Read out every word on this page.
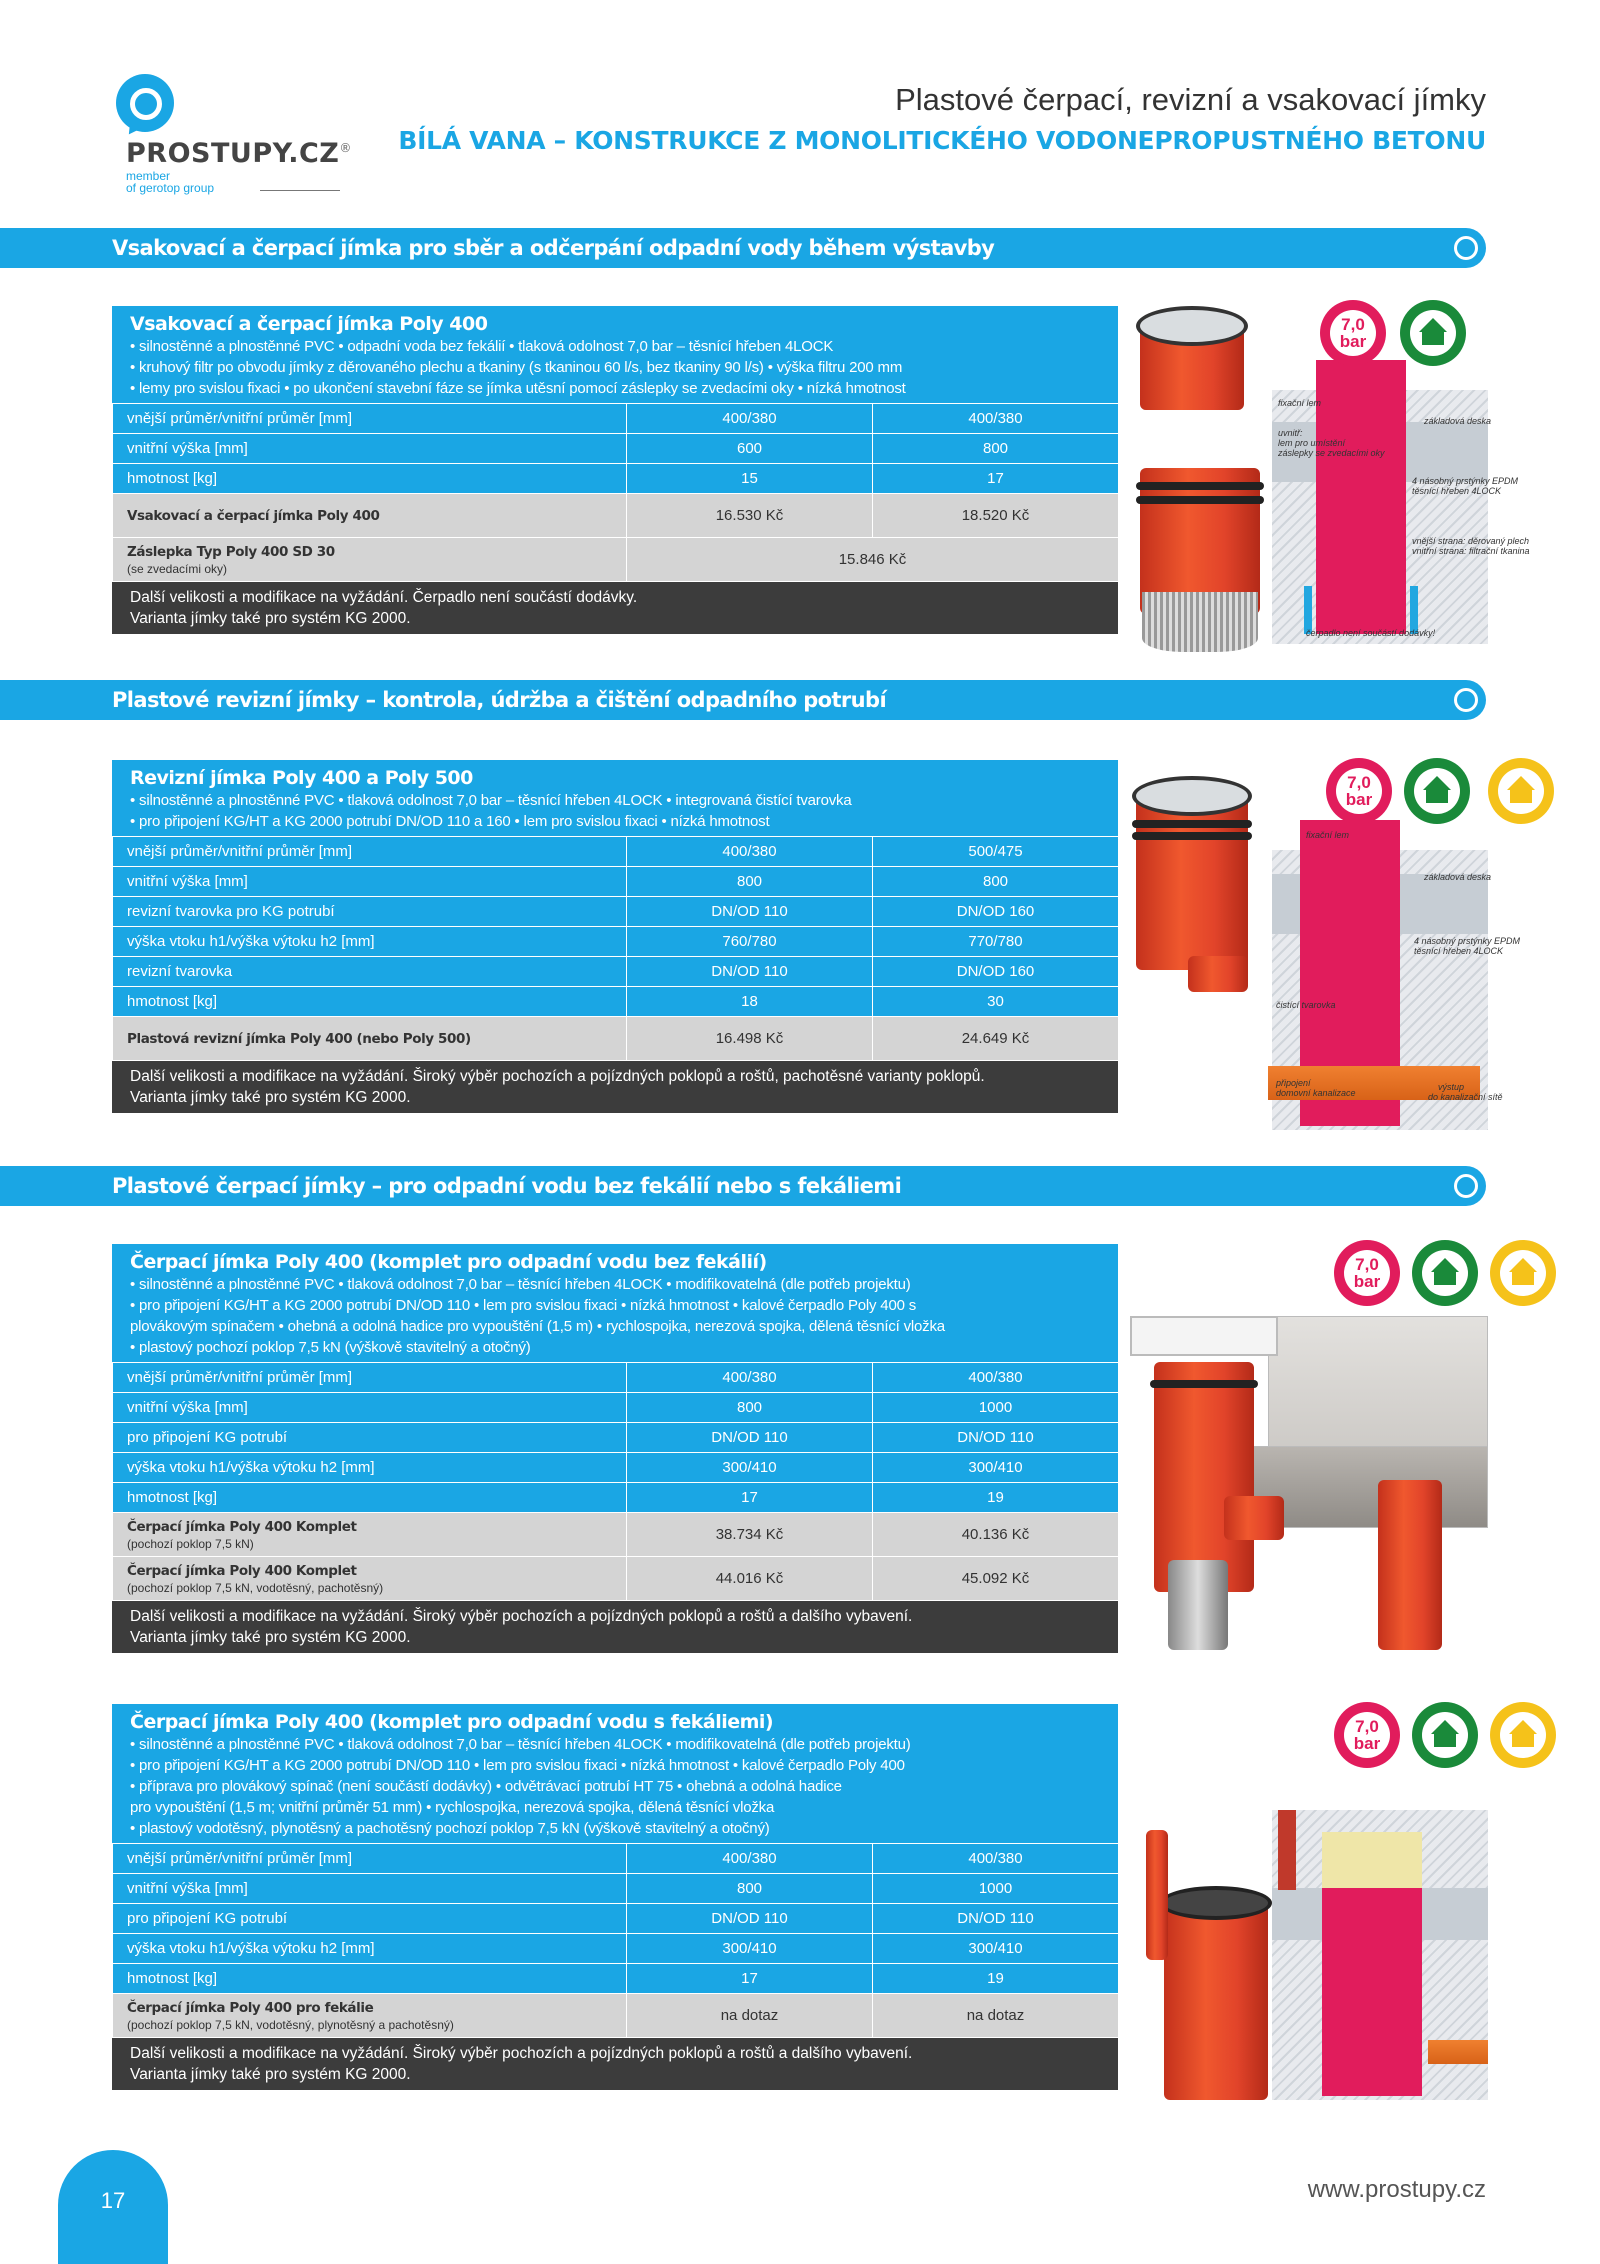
PROSTUPY.CZ®
member
of gerotop group
Plastové čerpací, revizní a vsakovací jímky
BÍLÁ VANA – KONSTRUKCE Z MONOLITICKÉHO VODONEPROPUSTNÉHO BETONU
Vsakovací a čerpací jímka pro sběr a odčerpání odpadní vody během výstavby
Vsakovací a čerpací jímka Poly 400
• silnostěnné a plnostěnné PVC • odpadní voda bez fekálií • tlaková odolnost 7,0 bar – těsnící hřeben 4LOCK
• kruhový filtr po obvodu jímky z děrovaného plechu a tkaniny (s tkaninou 60 l/s, bez tkaniny 90 l/s) • výška filtru 200 mm
• lemy pro svislou fixaci • po ukončení stavební fáze se jímka utěsní pomocí záslepky se zvedacími oky • nízká hmotnost
vnější průměr/vnitřní průměr [mm]	400/380	400/380
vnitřní výška [mm]	600	800
hmotnost [kg]	15	17
Vsakovací a čerpací jímka Poly 400	16.530 Kč	18.520 Kč
Záslepka Typ Poly 400 SD 30
(se zvedacími oky)	15.846 Kč	
Další velikosti a modifikace na vyžádání. Čerpadlo není součástí dodávky.
Varianta jímky také pro systém KG 2000.
fixační lem
uvnitř:
lem pro umístění
záslepky se zvedacími oky
základová deska
4 násobný prstýnky EPDM
těsnící hřeben 4LOCK
vnější strana: děrovaný plech
vnitřní strana: filtrační tkanina
čerpadlo není součástí dodávky!
7,0
bar
Plastové revizní jímky – kontrola, údržba a čištění odpadního potrubí
Revizní jímka Poly 400 a Poly 500
• silnostěnné a plnostěnné PVC • tlaková odolnost 7,0 bar – těsnící hřeben 4LOCK • integrovaná čistící tvarovka
• pro připojení KG/HT a KG 2000 potrubí DN/OD 110 a 160 • lem pro svislou fixaci • nízká hmotnost
vnější průměr/vnitřní průměr [mm]	400/380	500/475
vnitřní výška [mm]	800	800
revizní tvarovka pro KG potrubí	DN/OD 110	DN/OD 160
výška vtoku h1/výška výtoku h2 [mm]	760/780	770/780
revizní tvarovka	DN/OD 110	DN/OD 160
hmotnost [kg]	18	30
Plastová revizní jímka Poly 400 (nebo Poly 500)	16.498 Kč	24.649 Kč
Další velikosti a modifikace na vyžádání. Široký výběr pochozích a pojízdných poklopů a roštů, pachotěsné varianty poklopů.
Varianta jímky také pro systém KG 2000.
fixační lem
základová deska
4 násobný prstýnky EPDM
těsnící hřeben 4LOCK
čistící tvarovka
připojení
domovní kanalizace
výstup
do kanalizační sítě
7,0
bar
Plastové čerpací jímky – pro odpadní vodu bez fekálií nebo s fekáliemi
Čerpací jímka Poly 400 (komplet pro odpadní vodu bez fekálií)
• silnostěnné a plnostěnné PVC • tlaková odolnost 7,0 bar – těsnící hřeben 4LOCK • modifikovatelná (dle potřeb projektu)
• pro připojení KG/HT a KG 2000 potrubí DN/OD 110 • lem pro svislou fixaci • nízká hmotnost • kalové čerpadlo Poly 400 s
plovákovým spínačem • ohebná a odolná hadice pro vypouštění (1,5 m) • rychlospojka, nerezová spojka, dělená těsnící vložka
• plastový pochozí poklop 7,5 kN (výškově stavitelný a otočný)
vnější průměr/vnitřní průměr [mm]	400/380	400/380
vnitřní výška [mm]	800	1000
pro připojení KG potrubí	DN/OD 110	DN/OD 110
výška vtoku h1/výška výtoku h2 [mm]	300/410	300/410
hmotnost [kg]	17	19
Čerpací jímka Poly 400 Komplet
(pochozí poklop 7,5 kN)	38.734 Kč	40.136 Kč
Čerpací jímka Poly 400 Komplet
(pochozí poklop 7,5 kN, vodotěsný, pachotěsný)	44.016 Kč	45.092 Kč
Další velikosti a modifikace na vyžádání. Široký výběr pochozích a pojízdných poklopů a roštů a dalšího vybavení.
Varianta jímky také pro systém KG 2000.
7,0
bar
Čerpací jímka Poly 400 (komplet pro odpadní vodu s fekáliemi)
• silnostěnné a plnostěnné PVC • tlaková odolnost 7,0 bar – těsnící hřeben 4LOCK • modifikovatelná (dle potřeb projektu)
• pro připojení KG/HT a KG 2000 potrubí DN/OD 110 • lem pro svislou fixaci • nízká hmotnost • kalové čerpadlo Poly 400
• příprava pro plovákový spínač (není součástí dodávky) • odvětrávací potrubí HT 75 • ohebná a odolná hadice
pro vypouštění (1,5 m; vnitřní průměr 51 mm) • rychlospojka, nerezová spojka, dělená těsnící vložka
• plastový vodotěsný, plynotěsný a pachotěsný pochozí poklop 7,5 kN (výškově stavitelný a otočný)
vnější průměr/vnitřní průměr [mm]	400/380	400/380
vnitřní výška [mm]	800	1000
pro připojení KG potrubí	DN/OD 110	DN/OD 110
výška vtoku h1/výška výtoku h2 [mm]	300/410	300/410
hmotnost [kg]	17	19
Čerpací jímka Poly 400 pro fekálie
(pochozí poklop 7,5 kN, vodotěsný, plynotěsný a pachotěsný)	na dotaz	na dotaz
Další velikosti a modifikace na vyžádání. Široký výběr pochozích a pojízdných poklopů a roštů a dalšího vybavení.
Varianta jímky také pro systém KG 2000.
7,0
bar
17	www.prostupy.cz
